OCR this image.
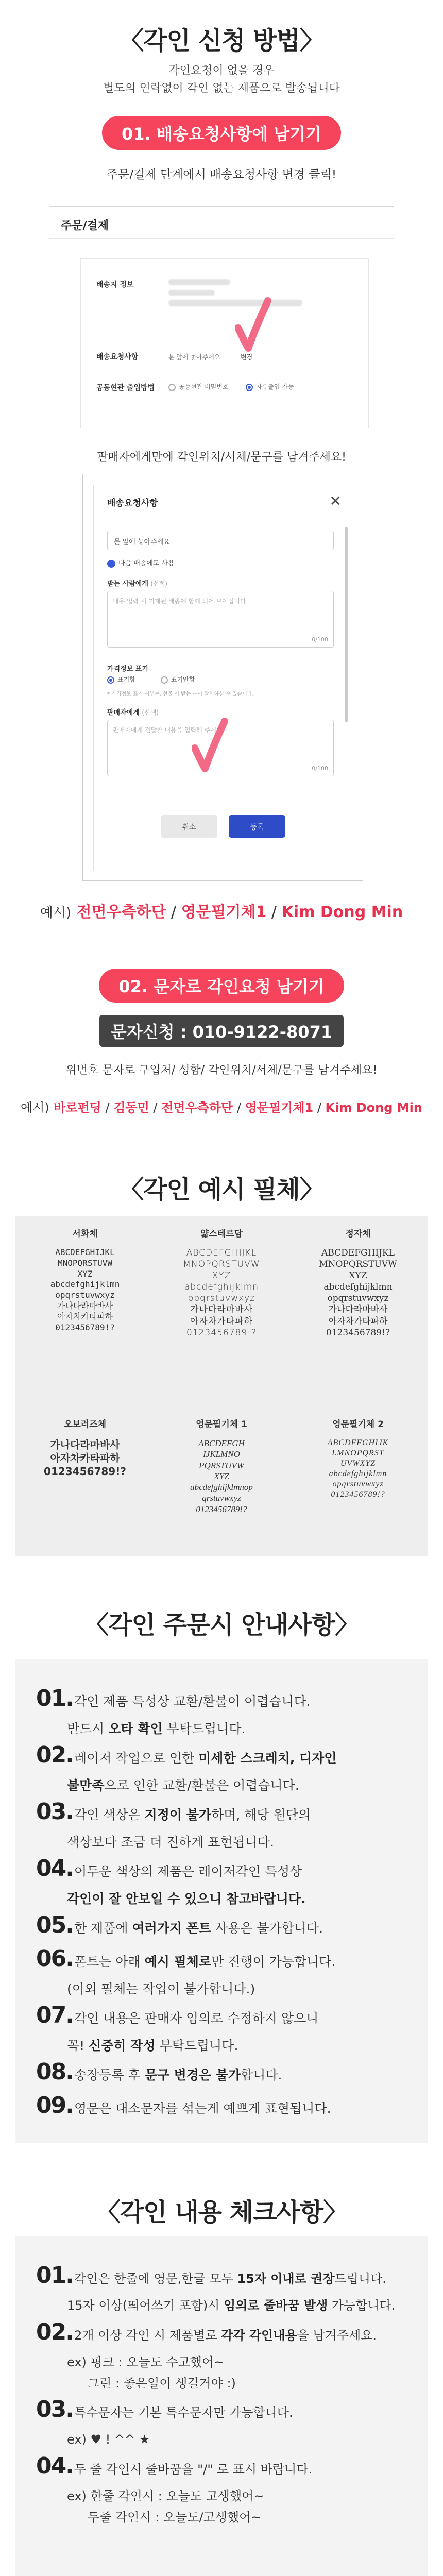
〈각인 신청 방법〉
각인요청이 없을 경우
별도의 연락없이 각인 없는 제품으로 발송됩니다
01. 배송요청사항에 남기기
주문/결제 단계에서 배송요청사항 변경 클릭!
주문/결제
배송지 정보
배송요청사항	문 앞에 놓아주세요	변경
공동현관 출입방법	공동현관 비밀번호	자유출입 가능
판매자에게만에 각인위치/서체/문구를 남겨주세요!
배송요청사항	✕
문 앞에 놓아주세요
다음 배송에도 사용
받는 사람에게 (선택)
내용 입력 시 기재된 배송에 함께 되어 보여집니다.
0/100
가격정보 표기
표기함	표기안함
* 가격정보 표기 여부는, 선물 시 받는 분이 확인하실 수 있습니다.
판매자에게 (선택)
판매자에게 전달할 내용을 입력해 주세요.
0/100
취소	등록
예시) 전면우측하단 / 영문필기체1 / Kim Dong Min
02. 문자로 각인요청 남기기
문자신청 : 010-9122-8071
위번호 문자로 구입처/ 성함/ 각인위치/서체/문구를 남겨주세요!
예시) 바로펀딩 / 김동민 / 전면우측하단 / 영문필기체1 / Kim Dong Min
〈각인 예시 필체〉
서화체
ABCDEFGHIJKL
MNOPQRSTUVW
XYZ
abcdefghijklmn
opqrstuvwxyz
가나다라마바사
아자차카타파하
0123456789!?
얇스테르담
ABCDEFGHIJKL
MNOPQRSTUVW
XYZ
abcdefghijklmn
opqrstuvwxyz
가나다라마바사
아자차카타파하
0123456789!?
정자체
ABCDEFGHIJKL
MNOPQRSTUVW
XYZ
abcdefghijklmn
opqrstuvwxyz
가나다라마바사
아자차카타파하
0123456789!?
오보러즈체
가나다라마바사
아자차카타파하
0123456789!?
영문필기체 1
ABCDEFGH
IJKLMNO
PQRSTUVW
XYZ
abcdefghijklmnop
qrstuvwxyz
0123456789!?
영문필기체 2
ABCDEFGHIJK
LMNOPQRST
UVWXYZ
abcdefghijklmn
opqrstuvwxyz
0123456789!?
〈각인 주문시 안내사항〉
01.각인 제품 특성상 교환/환불이 어렵습니다.
반드시 오타 확인 부탁드립니다.
02.레이저 작업으로 인한 미세한 스크레치, 디자인
불만족으로 인한 교환/환불은 어렵습니다.
03.각인 색상은 지정이 불가하며, 해당 원단의
색상보다 조금 더 진하게 표현됩니다.
04.어두운 색상의 제품은 레이저각인 특성상
각인이 잘 안보일 수 있으니 참고바랍니다.
05.한 제품에 여러가지 폰트 사용은 불가합니다.
06.폰트는 아래 예시 필체로만 진행이 가능합니다.
(이외 필체는 작업이 불가합니다.)
07.각인 내용은 판매자 임의로 수정하지 않으니
꼭! 신중히 작성 부탁드립니다.
08.송장등록 후 문구 변경은 불가합니다.
09.영문은 대소문자를 섞는게 예쁘게 표현됩니다.
〈각인 내용 체크사항〉
01.각인은 한줄에 영문,한글 모두 15자 이내로 권장드립니다.
15자 이상(띄어쓰기 포함)시 임의로 줄바꿈 발생 가능합니다.
02.2개 이상 각인 시 제품별로 각각 각인내용을 남겨주세요.
ex) 핑크 : 오늘도 수고했어~
그린 : 좋은일이 생길거야 :)
03.특수문자는 기본 특수문자만 가능합니다.
ex) ♥ ! ^^ ★
04.두 줄 각인시 줄바꿈을 "/" 로 표시 바랍니다.
ex) 한줄 각인시 : 오늘도 고생했어~
두줄 각인시 : 오늘도/고생했어~
